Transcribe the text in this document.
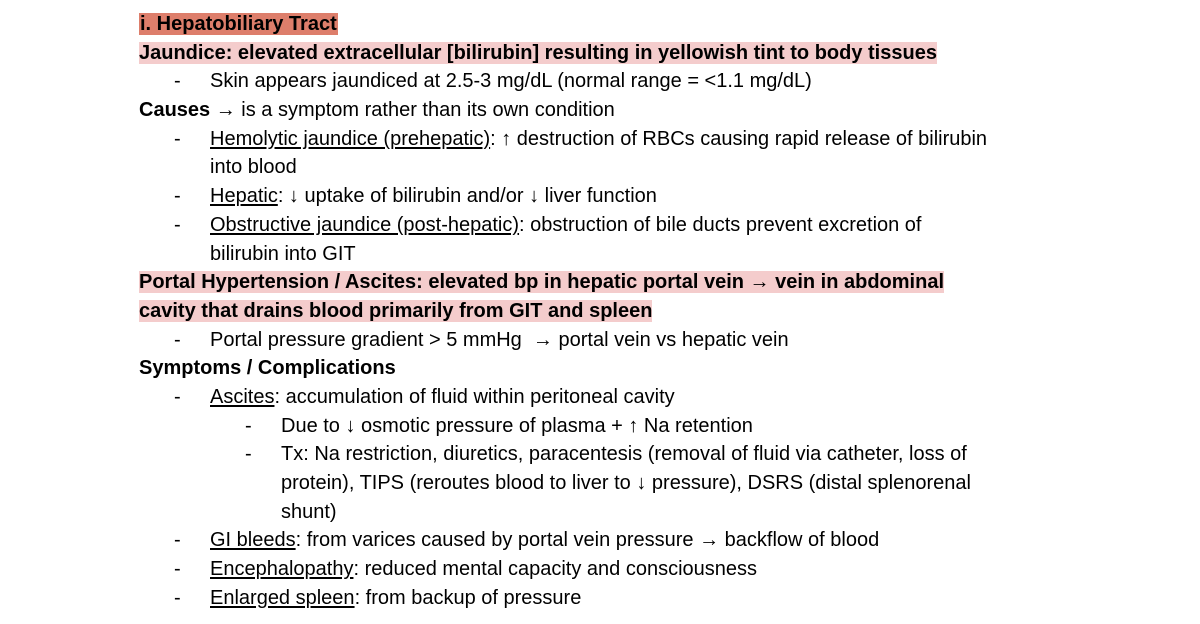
i. Hepatobiliary Tract
Jaundice: elevated extracellular [bilirubin] resulting in yellowish tint to body tissues
- Skin appears jaundiced at 2.5-3 mg/dL (normal range = <1.1 mg/dL)
Causes → is a symptom rather than its own condition
- Hemolytic jaundice (prehepatic): ↑ destruction of RBCs causing rapid release of bilirubin
into blood
- Hepatic: ↓ uptake of bilirubin and/or ↓ liver function
- Obstructive jaundice (post-hepatic): obstruction of bile ducts prevent excretion of
bilirubin into GIT
Portal Hypertension / Ascites: elevated bp in hepatic portal vein → vein in abdominal
cavity that drains blood primarily from GIT and spleen
- Portal pressure gradient > 5 mmHg  → portal vein vs hepatic vein
Symptoms / Complications
- Ascites: accumulation of fluid within peritoneal cavity
- Due to ↓ osmotic pressure of plasma + ↑ Na retention
- Tx: Na restriction, diuretics, paracentesis (removal of fluid via catheter, loss of
protein), TIPS (reroutes blood to liver to ↓ pressure), DSRS (distal splenorenal
shunt)
- GI bleeds: from varices caused by portal vein pressure → backflow of blood
- Encephalopathy: reduced mental capacity and consciousness
- Enlarged spleen: from backup of pressure
